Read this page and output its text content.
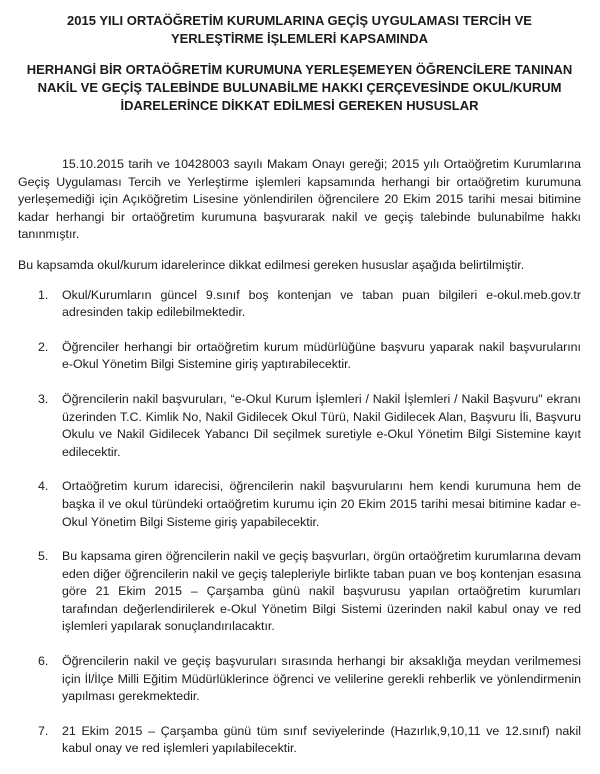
2015 YILI ORTAÖĞRETİM KURUMLARINA GEÇİŞ UYGULAMASI TERCİH VE
YERLEŞTİRME İŞLEMLERİ KAPSAMINDA
HERHANGİ BİR ORTAÖĞRETİM KURUMUNA YERLEŞEMEYEN ÖĞRENCİLERE TANINAN
NAKİL VE GEÇİŞ TALEBİNDE BULUNABİLME HAKKI ÇERÇEVESİNDE OKUL/KURUM
İDARELERİNCE DİKKAT EDİLMESİ GEREKEN HUSUSLAR

15.10.2015 tarih ve 10428003 sayılı Makam Onayı gereği; 2015 yılı Ortaöğretim Kurumlarına Geçiş Uygulaması Tercih ve Yerleştirme işlemleri kapsamında herhangi bir ortaöğretim kurumuna yerleşemediği için Açıköğretim Lisesine yönlendirilen öğrencilere 20 Ekim 2015 tarihi mesai bitimine kadar herhangi bir ortaöğretim kurumuna başvurarak nakil ve geçiş talebinde bulunabilme hakkı tanınmıştır.

Bu kapsamda okul/kurum idarelerince dikkat edilmesi gereken hususlar aşağıda belirtilmiştir.

1.	Okul/Kurumların güncel 9.sınıf boş kontenjan ve taban puan bilgileri e-okul.meb.gov.tr adresinden takip edilebilmektedir.
2.	Öğrenciler herhangi bir ortaöğretim kurum müdürlüğüne başvuru yaparak nakil başvurularını e-Okul Yönetim Bilgi Sistemine giriş yaptırabilecektir.
3.	Öğrencilerin nakil başvuruları, “e-Okul Kurum İşlemleri / Nakil İşlemleri / Nakil Başvuru" ekranı üzerinden T.C. Kimlik No, Nakil Gidilecek Okul Türü, Nakil Gidilecek Alan, Başvuru İli, Başvuru Okulu ve Nakil Gidilecek Yabancı Dil seçilmek suretiyle e-Okul Yönetim Bilgi Sistemine kayıt edilecektir.
4.	Ortaöğretim kurum idarecisi, öğrencilerin nakil başvurularını hem kendi kurumuna hem de başka il ve okul türündeki ortaöğretim kurumu için 20 Ekim 2015 tarihi mesai bitimine kadar e-Okul Yönetim Bilgi Sisteme giriş yapabilecektir.
5.	Bu kapsama giren öğrencilerin nakil ve geçiş başvurları, örgün ortaöğretim kurumlarına devam eden diğer öğrencilerin nakil ve geçiş talepleriyle birlikte taban puan ve boş kontenjan esasına göre 21 Ekim 2015 – Çarşamba günü nakil başvurusu yapılan ortaöğretim kurumları tarafından değerlendirilerek e-Okul Yönetim Bilgi Sistemi üzerinden nakil kabul onay ve red işlemleri yapılarak sonuçlandırılacaktır.
6.	Öğrencilerin nakil ve geçiş başvuruları sırasında herhangi bir aksaklığa meydan verilmemesi için İl/İlçe Milli Eğitim Müdürlüklerince öğrenci ve velilerine gerekli rehberlik ve yönlendirmenin yapılması gerekmektedir.
7.	21 Ekim 2015 – Çarşamba günü tüm sınıf seviyelerinde (Hazırlık,9,10,11 ve 12.sınıf) nakil kabul onay ve red işlemleri yapılabilecektir.
